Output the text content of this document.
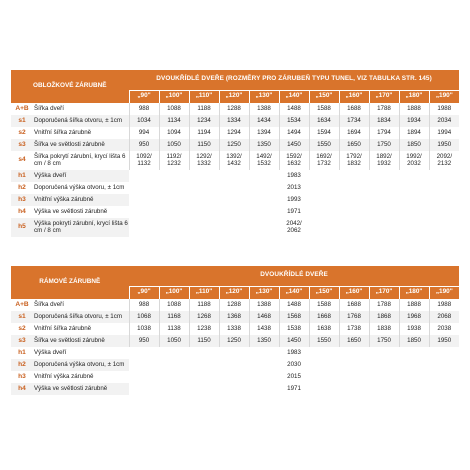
OBLOŽKOVÉ ZÁRUBNĚ		DVOUKŘÍDLÉ DVEŘE (ROZMĚRY PRO ZÁRUBEŇ TYPU TUNEL, VIZ TABULKA STR. 145)										
		„90"	„100"	„110"	„120"	„130"	„140"	„150"	„160"	„170"	„180"	„190"
A+B	Šířka dveří	988	1088	1188	1288	1388	1488	1588	1688	1788	1888	1988
s1	Doporučená šířka otvoru, ± 1cm	1034	1134	1234	1334	1434	1534	1634	1734	1834	1934	2034
s2	Vnitřní šířka zárubně	994	1094	1194	1294	1394	1494	1594	1694	1794	1894	1994
s3	Šířka ve světlosti zárubně	950	1050	1150	1250	1350	1450	1550	1650	1750	1850	1950
s4	Šířka pokrytí zárubní, krycí lišta 6 cm / 8 cm	1092/ 1132	1192/ 1232	1292/ 1332	1392/ 1432	1492/ 1532	1592/ 1632	1692/ 1732	1792/ 1832	1892/ 1932	1992/ 2032	2092/ 2132
h1	Výška dveří						1983					
h2	Doporučená výška otvoru, ± 1cm						2013					
h3	Vnitřní výška zárubně						1993					
h4	Výška ve světlosti zárubně						1971					
h5	Výška pokrytí zárubní, krycí lišta 6 cm / 8 cm						2042/ 2062					
RÁMOVÉ ZÁRUBNĚ		DVOUKŘÍDLÉ DVEŘE										
		„90"	„100"	„110"	„120"	„130"	„140"	„150"	„160"	„170"	„180"	„190"
A+B	Šířka dveří	988	1088	1188	1288	1388	1488	1588	1688	1788	1888	1988
s1	Doporučená šířka otvoru, ± 1cm	1068	1168	1268	1368	1468	1568	1668	1768	1868	1968	2068
s2	Vnitřní šířka zárubně	1038	1138	1238	1338	1438	1538	1638	1738	1838	1938	2038
s3	Šířka ve světlosti zárubně	950	1050	1150	1250	1350	1450	1550	1650	1750	1850	1950
h1	Výška dveří						1983					
h2	Doporučená výška otvoru, ± 1cm						2030					
h3	Vnitřní výška zárubně						2015					
h4	Výška ve světlosti zárubně						1971					
